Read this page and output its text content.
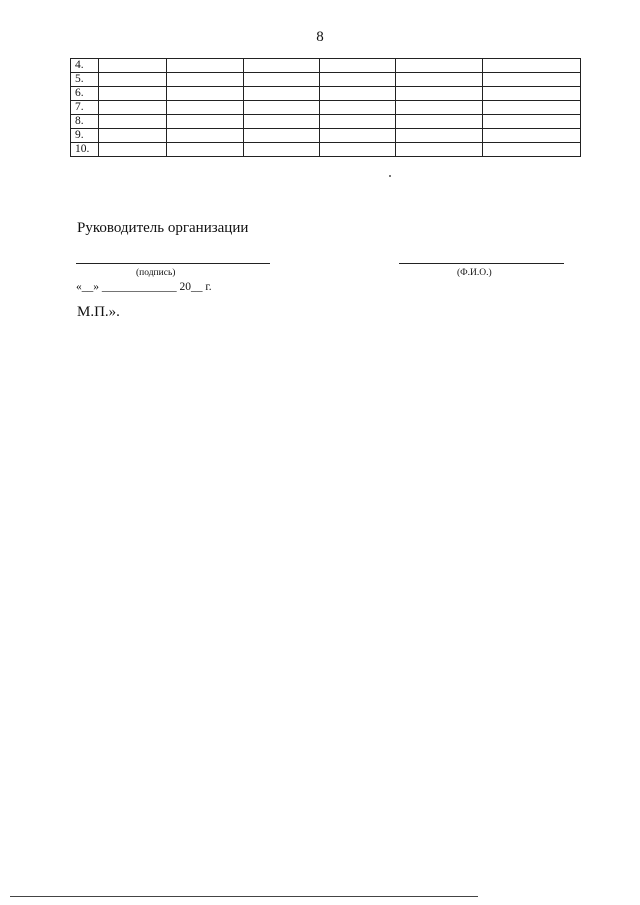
8
4.						
5.						
6.						
7.						
8.						
9.						
10.						
Руководитель организации
(подпись)	(Ф.И.О.)
«__» _____________ 20__ г.
М.П.».
